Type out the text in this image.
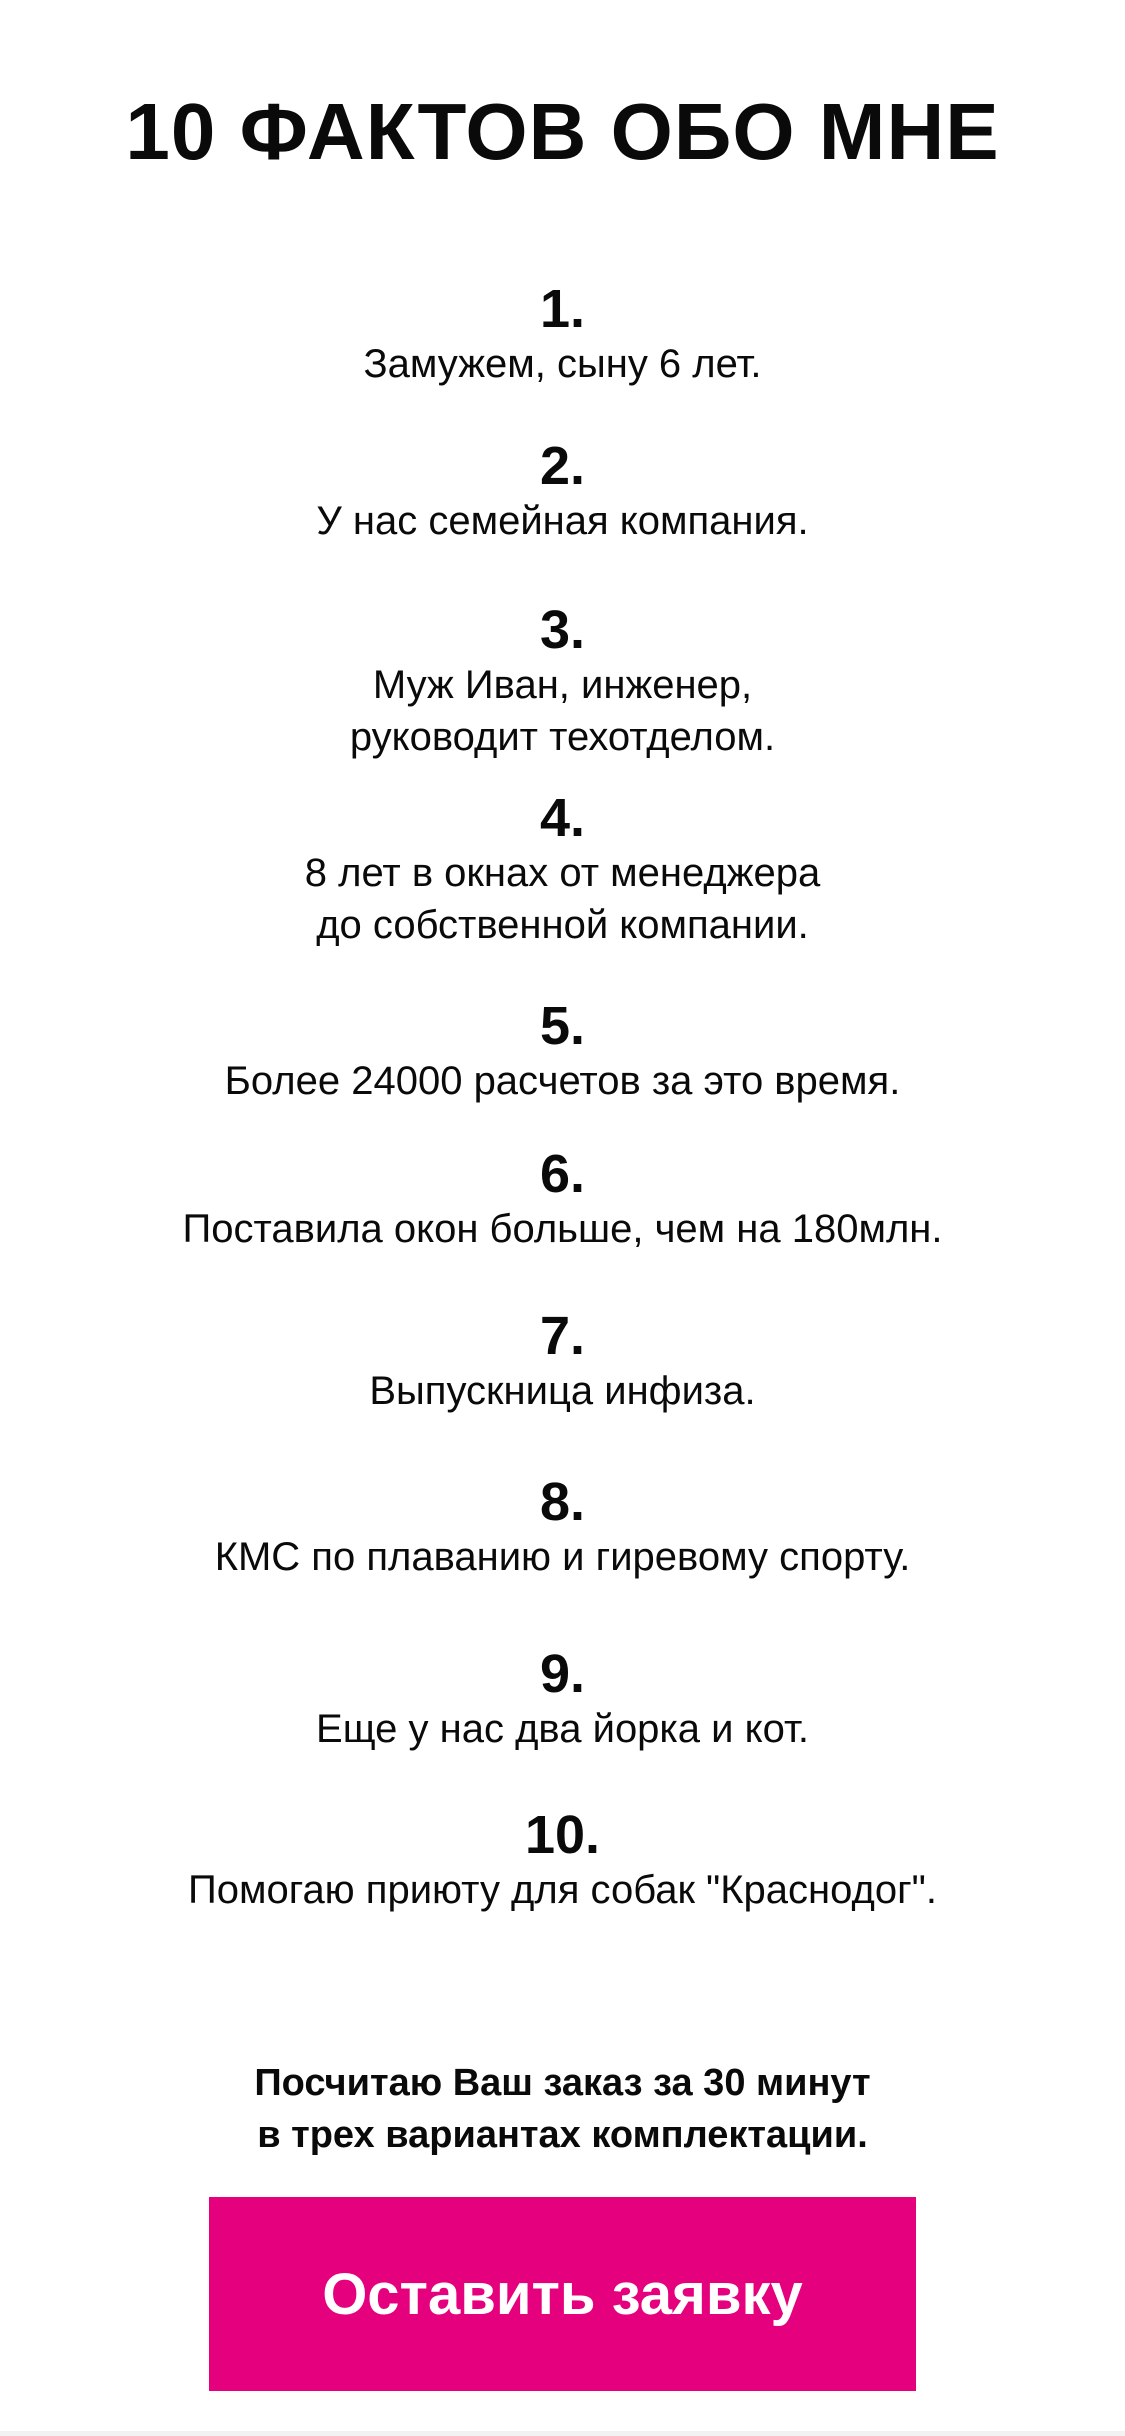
10 ФАКТОВ ОБО МНЕ
1.
Замужем, сыну 6 лет.
2.
У нас семейная компания.
3.
Муж Иван, инженер,
руководит техотделом.
4.
8 лет в окнах от менеджера
до собственной компании.
5.
Более 24000 расчетов за это время.
6.
Поставила окон больше, чем на 180млн.
7.
Выпускница инфиза.
8.
КМС по плаванию и гиревому спорту.
9.
Еще у нас два йорка и кот.
10.
Помогаю приюту для собак "Краснодог".
Посчитаю Ваш заказ за 30 минут
в трех вариантах комплектации.
Оставить заявку
